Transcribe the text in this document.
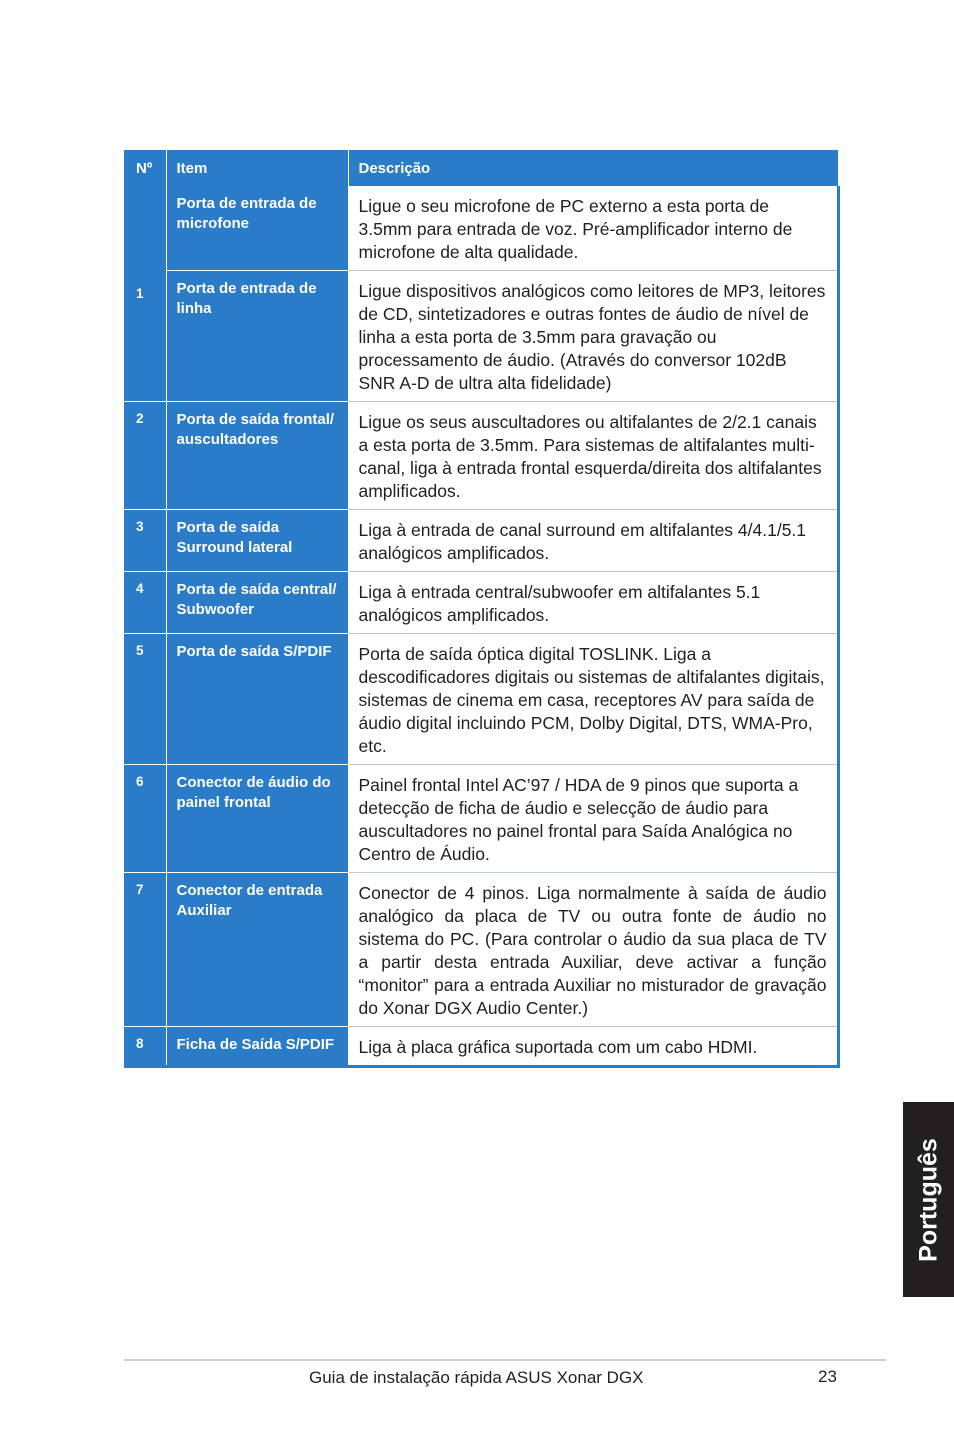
Nº	Item	Descrição

1	Porta de entrada de microfone	Ligue o seu microfone de PC externo a esta porta de 3.5mm para entrada de voz. Pré-amplificador interno de microfone de alta qualidade.
	Porta de entrada de linha	Ligue dispositivos analógicos como leitores de MP3, leitores de CD, sintetizadores e outras fontes de áudio de nível de linha a esta porta de 3.5mm para gravação ou processamento de áudio. (Através do conversor 102dB SNR A-D de ultra alta fidelidade)

2	Porta de saída frontal/ auscultadores	Ligue os seus auscultadores ou altifalantes de 2/2.1 canais a esta porta de 3.5mm. Para sistemas de altifalantes multi-canal, liga à entrada frontal esquerda/direita dos altifalantes amplificados.

3	Porta de saída Surround lateral	Liga à entrada de canal surround em altifalantes 4/4.1/5.1 analógicos amplificados.

4	Porta de saída central/ Subwoofer	Liga à entrada central/subwoofer em altifalantes 5.1 analógicos amplificados.

5	Porta de saída S/PDIF	Porta de saída óptica digital TOSLINK. Liga a descodificadores digitais ou sistemas de altifalantes digitais, sistemas de cinema em casa, receptores AV para saída de áudio digital incluindo PCM, Dolby Digital, DTS, WMA-Pro, etc.

6	Conector de áudio do painel frontal	Painel frontal Intel AC’97 / HDA de 9 pinos que suporta a detecção de ficha de áudio e selecção de áudio para auscultadores no painel frontal para Saída Analógica no Centro de Áudio.

7	Conector de entrada Auxiliar	Conector de 4 pinos. Liga normalmente à saída de áudio analógico da placa de TV ou outra fonte de áudio no sistema do PC. (Para controlar o áudio da sua placa de TV a partir desta entrada Auxiliar, deve activar a função “monitor” para a entrada Auxiliar no misturador de gravação do Xonar DGX Audio Center.)

8	Ficha de Saída S/PDIF	Liga à placa gráfica suportada com um cabo HDMI.
Português
Guia de instalação rápida ASUS Xonar DGX	23
